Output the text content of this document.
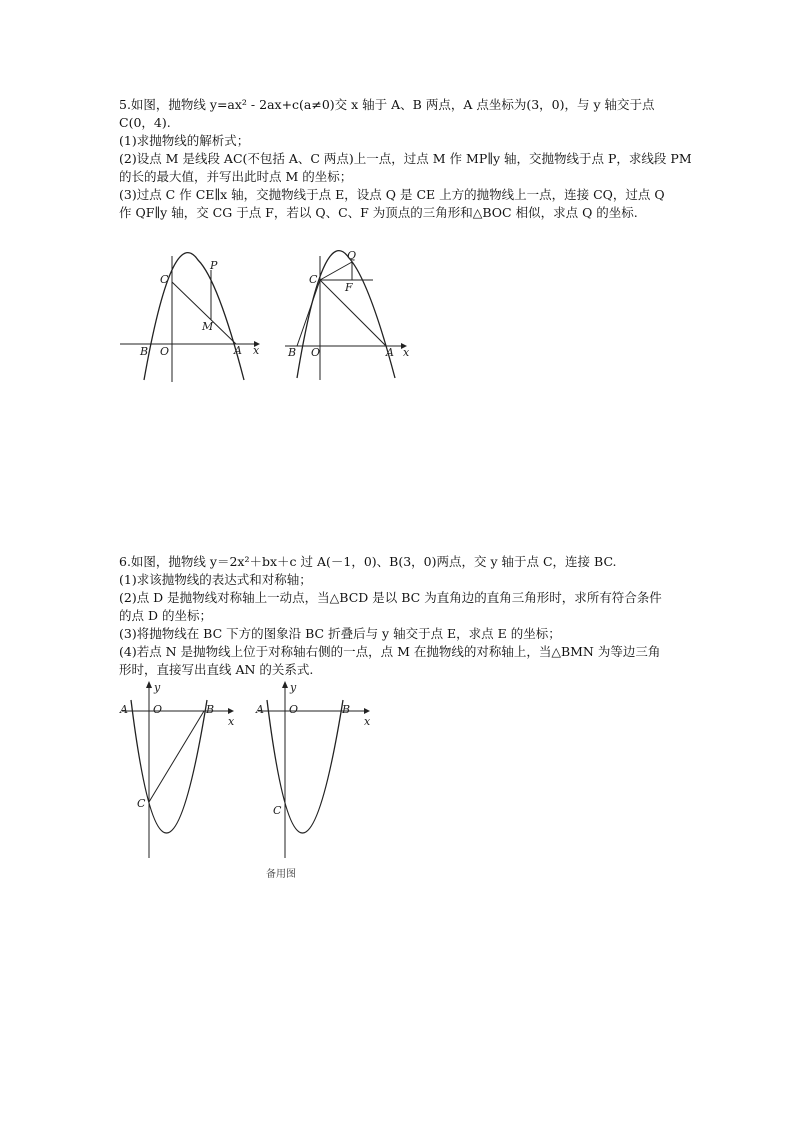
5.如图，抛物线 y=ax² - 2ax+c(a≠0)交 x 轴于 A、B 两点，A 点坐标为(3，0)，与 y 轴交于点

C(0，4).

(1)求抛物线的解析式；

(2)设点 M 是线段 AC(不包括 A、C 两点)上一点，过点 M 作 MP∥y 轴，交抛物线于点 P，求线段 PM

的长的最大值，并写出此时点 M 的坐标；

(3)过点 C 作 CE∥x 轴，交抛物线于点 E，设点 Q 是 CE 上方的抛物线上一点，连接 CQ，过点 Q

作 QF∥y 轴，交 CG 于点 F，若以 Q、C、F 为顶点的三角形和△BOC 相似，求点 Q 的坐标.

C
P
M
B O	A x
C
Q
F
B O	A x

6.如图，抛物线 y＝2x²＋bx＋c 过 A(－1，0)、B(3，0)两点，交 y 轴于点 C，连接 BC.

(1)求该抛物线的表达式和对称轴；

(2)点 D 是抛物线对称轴上一动点，当△BCD 是以 BC 为直角边的直角三角形时，求所有符合条件

的点 D 的坐标；

(3)将抛物线在 BC 下方的图象沿 BC 折叠后与 y 轴交于点 E，求点 E 的坐标；

(4)若点 N 是抛物线上位于对称轴右侧的一点，点 M 在抛物线的对称轴上，当△BMN 为等边三角

形时，直接写出直线 AN 的关系式.

y
A O	B
x
C
y
A O	B
x
C
备用图
